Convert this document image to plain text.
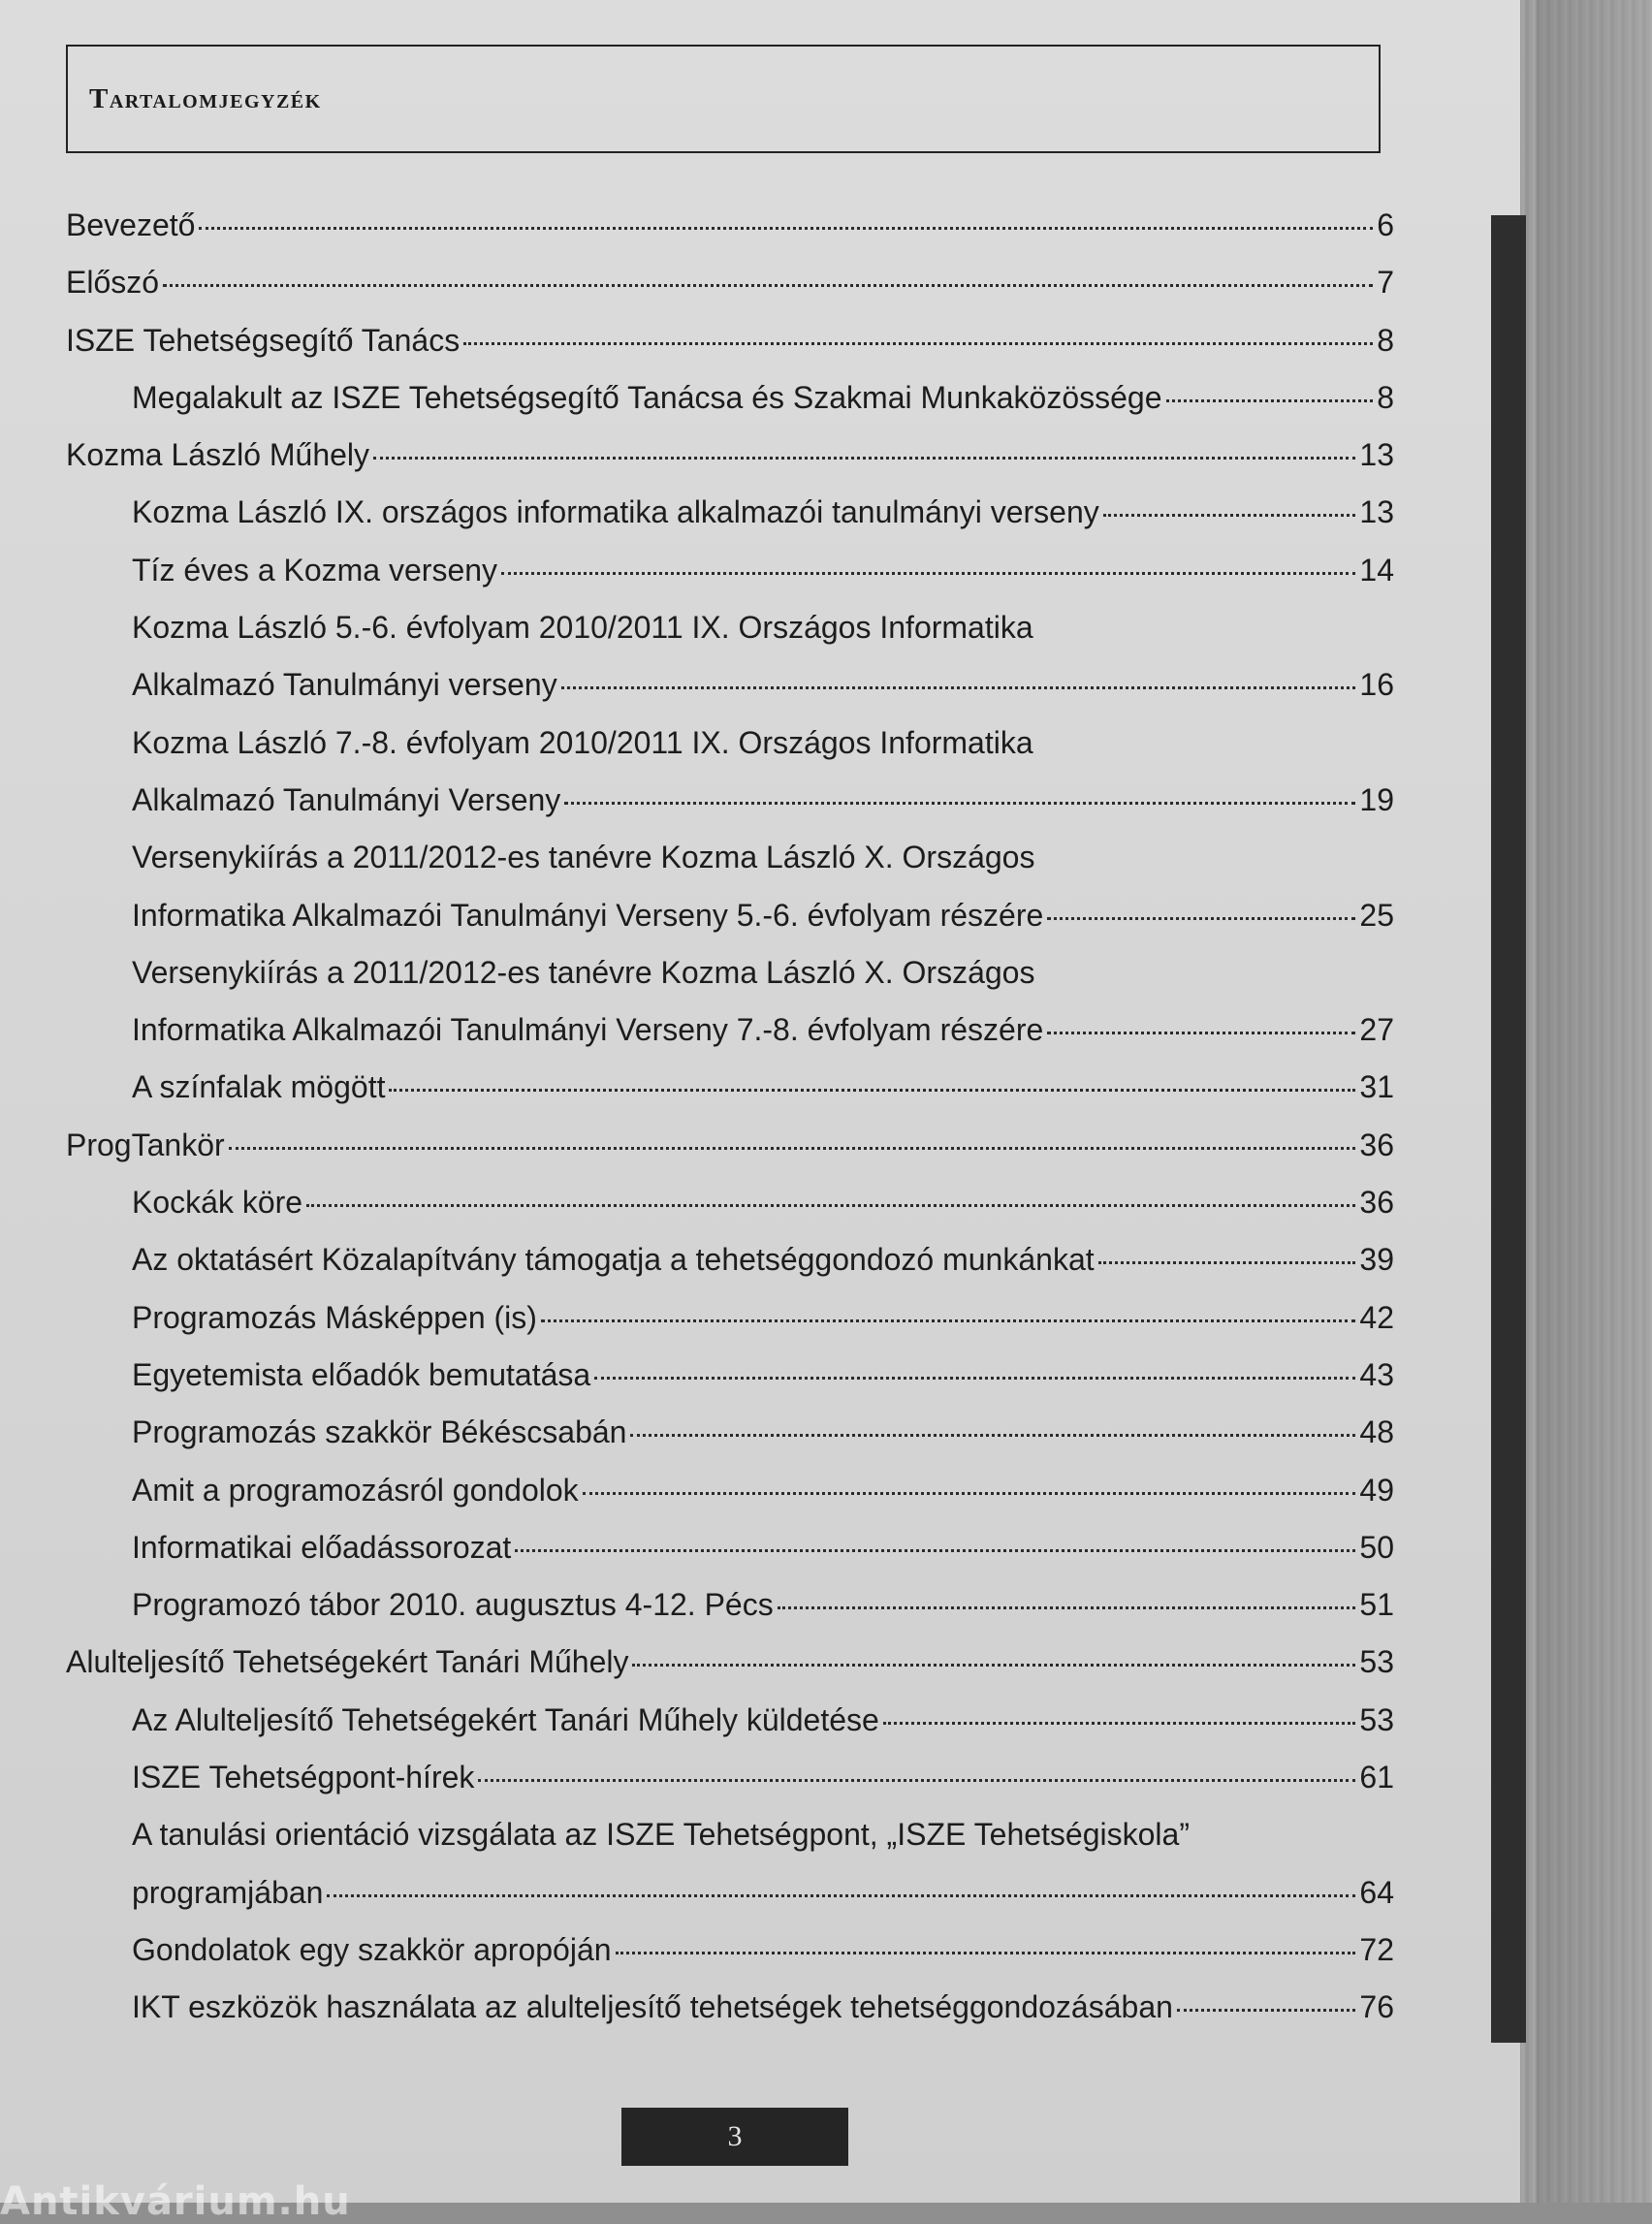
Tartalomjegyzék
Bevezető	6
Előszó	7
ISZE Tehetségsegítő Tanács	8
Megalakult az ISZE Tehetségsegítő Tanácsa és Szakmai Munkaközössége	8
Kozma László Műhely	13
Kozma László IX. országos informatika alkalmazói tanulmányi verseny	13
Tíz éves a Kozma verseny	14
Kozma László 5.-6. évfolyam 2010/2011 IX. Országos Informatika
Alkalmazó Tanulmányi verseny	16
Kozma László 7.-8. évfolyam 2010/2011 IX. Országos Informatika
Alkalmazó Tanulmányi Verseny	19
Versenykiírás a 2011/2012-es tanévre Kozma László X. Országos
Informatika Alkalmazói Tanulmányi Verseny 5.-6. évfolyam részére	25
Versenykiírás a 2011/2012-es tanévre Kozma László X. Országos
Informatika Alkalmazói Tanulmányi Verseny 7.-8. évfolyam részére	27
A színfalak mögött	31
ProgTankör	36
Kockák köre	36
Az oktatásért Közalapítvány támogatja a tehetséggondozó munkánkat	39
Programozás Másképpen (is)	42
Egyetemista előadók bemutatása	43
Programozás szakkör Békéscsabán	48
Amit a programozásról gondolok	49
Informatikai előadássorozat	50
Programozó tábor 2010. augusztus 4-12. Pécs	51
Alulteljesítő Tehetségekért Tanári Műhely	53
Az Alulteljesítő Tehetségekért Tanári Műhely küldetése	53
ISZE Tehetségpont-hírek	61
A tanulási orientáció vizsgálata az ISZE Tehetségpont, „ISZE Tehetségiskola”
programjában	64
Gondolatok egy szakkör apropóján	72
IKT eszközök használata az alulteljesítő tehetségek tehetséggondozásában	76
3
Antikvárium.hu
